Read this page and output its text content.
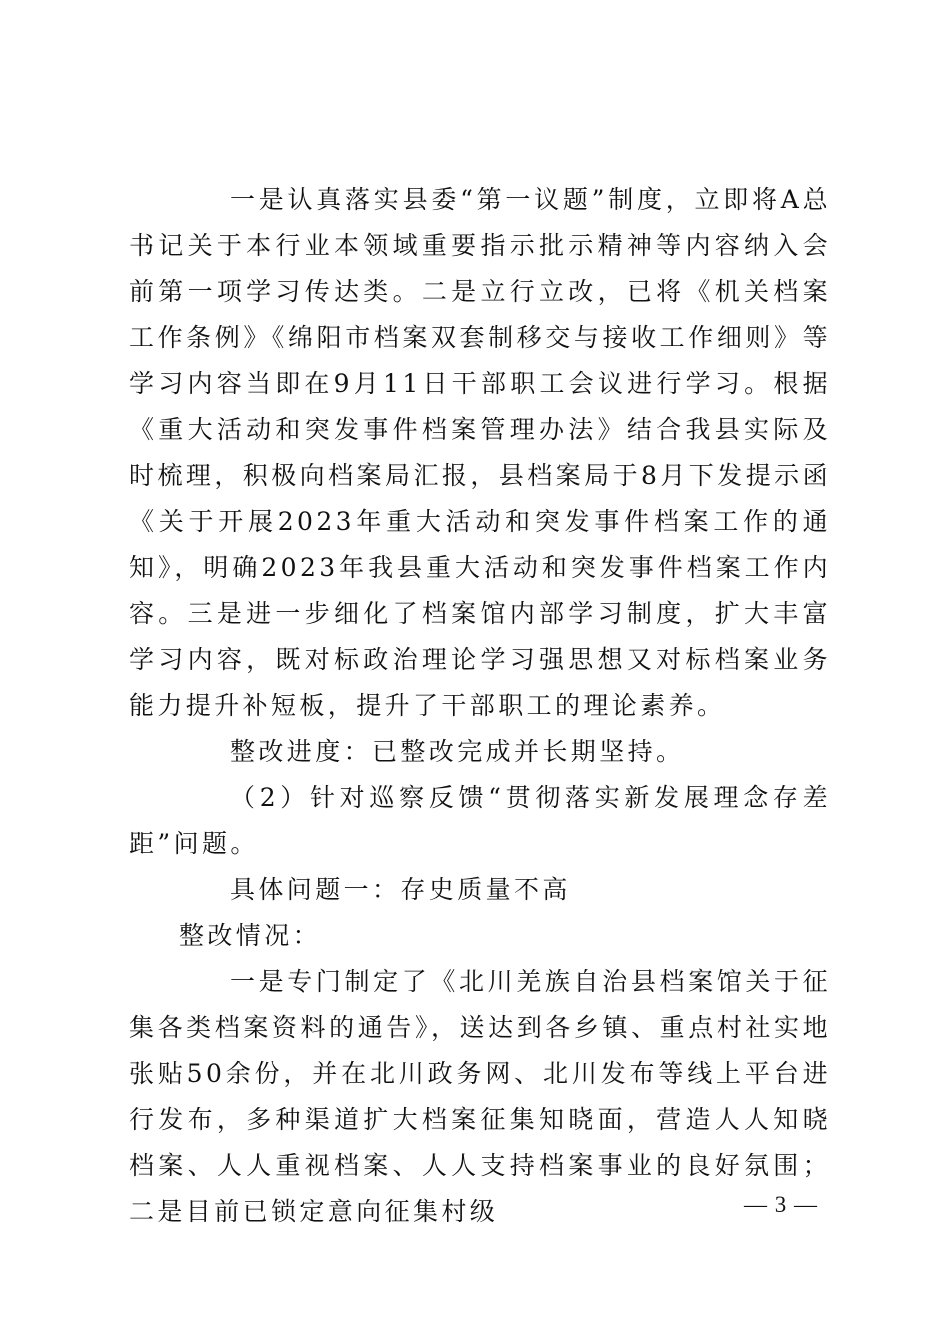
一是认真落实县委“第一议题”制度，立即将A总书记关于本行业本领域重要指示批示精神等内容纳入会前第一项学习传达类。二是立行立改，已将《机关档案工作条例》《绵阳市档案双套制移交与接收工作细则》等学习内容当即在9月11日干部职工会议进行学习。根据《重大活动和突发事件档案管理办法》结合我县实际及时梳理，积极向档案局汇报，县档案局于8月下发提示函《关于开展2023年重大活动和突发事件档案工作的通知》，明确2023年我县重大活动和突发事件档案工作内容。三是进一步细化了档案馆内部学习制度，扩大丰富学习内容，既对标政治理论学习强思想又对标档案业务能力提升补短板，提升了干部职工的理论素养。

整改进度：已整改完成并长期坚持。

（2）针对巡察反馈“贯彻落实新发展理念存差距”问题。

具体问题一：存史质量不高

整改情况：

一是专门制定了《北川羌族自治县档案馆关于征集各类档案资料的通告》，送达到各乡镇、重点村社实地张贴50余份，并在北川政务网、北川发布等线上平台进行发布，多种渠道扩大档案征集知晓面，营造人人知晓档案、人人重视档案、人人支持档案事业的良好氛围；二是目前已锁定意向征集村级	— 3 —
